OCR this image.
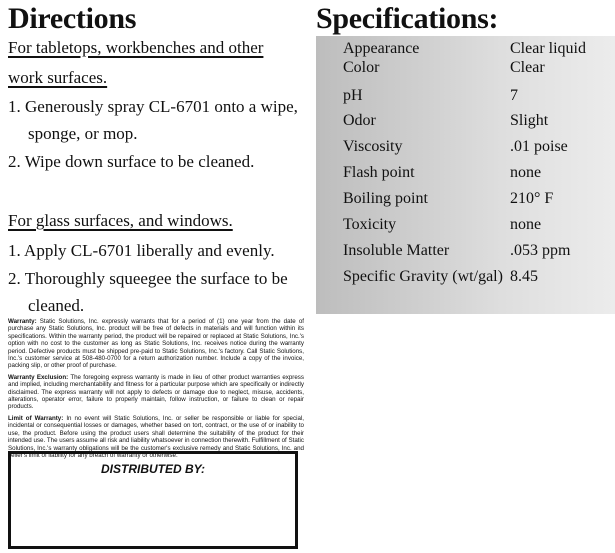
Directions
For tabletops, workbenches and other
work surfaces.
1. Generously spray CL-6701 onto a wipe,
sponge, or mop.
2. Wipe down surface to be cleaned.
For glass surfaces, and windows.
1. Apply CL-6701 liberally and evenly.
2. Thoroughly squeegee the surface to be
cleaned.

Warranty: Static Solutions, Inc. expressly warrants that for a period of (1) one year from the date of purchase any Static Solutions, Inc. product will be free of defects in materials and will function within its specifications. Within the warranty period, the product will be repaired or replaced at Static Solutions, Inc.'s option with no cost to the customer as long as Static Solutions, Inc. receives notice during the warranty period. Defective products must be shipped pre-paid to Static Solutions, Inc.'s factory. Call Static Solutions, Inc.'s customer service at 508-480-0700 for a return authorization number. Include a copy of the invoice, packing slip, or other proof of purchase.

Warranty Exclusion: The foregoing express warranty is made in lieu of other product warranties express and implied, including merchantability and fitness for a particular purpose which are specifically or indirectly disclaimed. The express warranty will not apply to defects or damage due to neglect, misuse, accidents, alterations, operator error, failure to properly maintain, follow instruction, or failure to clean or repair products.

Limit of Warranty: In no event will Static Solutions, Inc. or seller be responsible or liable for special, incidental or consequential losses or damages, whether based on tort, contract, or the use of or inability to use, the product. Before using the product users shall determine the suitability of the product for their intended use. The users assume all risk and liability whatsoever in connection therewith. Fulfillment of Static Solutions, Inc.'s warranty obligations will be the customer's exclusive remedy and Static Solutions, Inc. and seller's limit of liability for any breach of warranty or otherwise.

DISTRIBUTED BY:
Specifications:
Appearance	Clear liquid
Color	Clear
pH	7
Odor	Slight
Viscosity	.01 poise
Flash point	none
Boiling point	210° F
Toxicity	none
Insoluble Matter	.053 ppm
Specific Gravity (wt/gal) 8.45
